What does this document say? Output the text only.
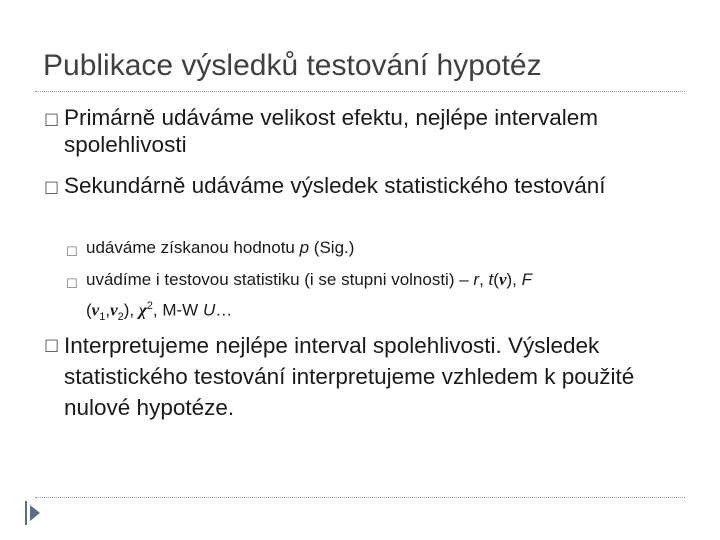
Publikace výsledků testování hypotéz
☐ Primárně udáváme velikost efektu, nejlépe intervalem spolehlivosti
☐ Sekundárně udáváme výsledek statistického testování
☐ udáváme získanou hodnotu p (Sig.)
☐ uvádíme i testovou statistiku (i se stupni volnosti) – r, t(ν), F
$(\nu_1,\nu_2)$, $\chi^2$, M-W U…
☐ Interpretujeme nejlépe interval spolehlivosti. Výsledek statistického testování interpretujeme vzhledem k použité nulové hypotéze.
